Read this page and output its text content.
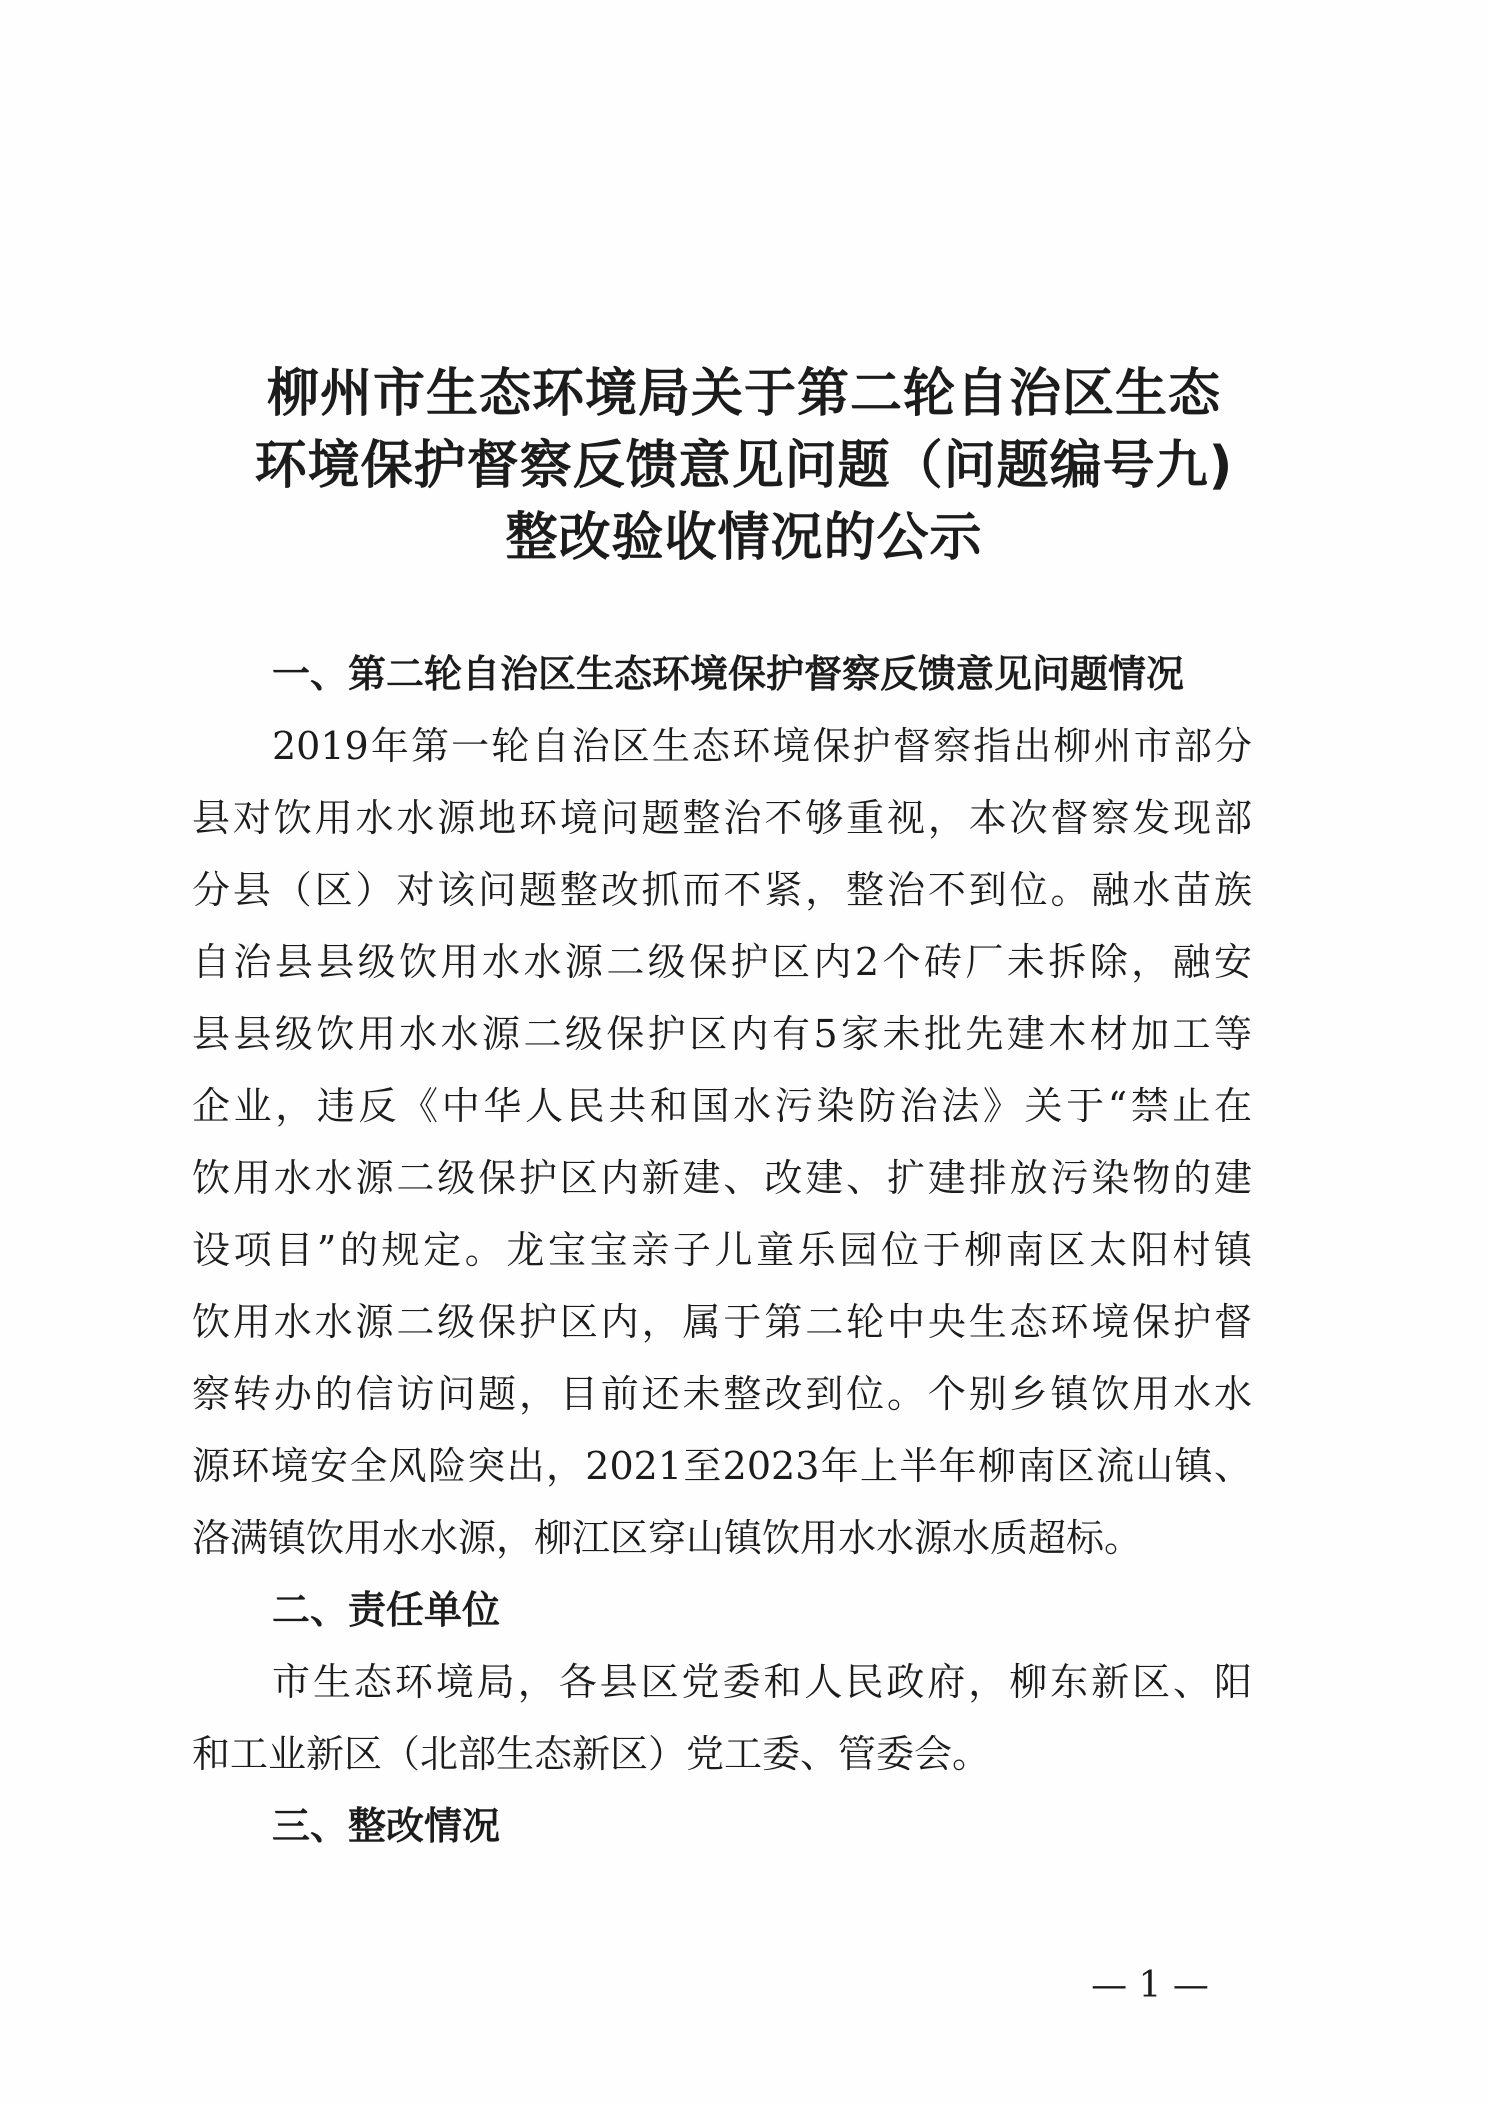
柳州市生态环境局关于第二轮自治区生态
环境保护督察反馈意见问题（问题编号九)
整改验收情况的公示
一、第二轮自治区生态环境保护督察反馈意见问题情况
2019年第一轮自治区生态环境保护督察指出柳州市部分
县对饮用水水源地环境问题整治不够重视，本次督察发现部
分县（区）对该问题整改抓而不紧，整治不到位。融水苗族
自治县县级饮用水水源二级保护区内2个砖厂未拆除，融安
县县级饮用水水源二级保护区内有5家未批先建木材加工等
企业，违反《中华人民共和国水污染防治法》关于“禁止在
饮用水水源二级保护区内新建、改建、扩建排放污染物的建
设项目”的规定。龙宝宝亲子儿童乐园位于柳南区太阳村镇
饮用水水源二级保护区内，属于第二轮中央生态环境保护督
察转办的信访问题，目前还未整改到位。个别乡镇饮用水水
源环境安全风险突出，2021至2023年上半年柳南区流山镇、
洛满镇饮用水水源，柳江区穿山镇饮用水水源水质超标。
二、责任单位
市生态环境局，各县区党委和人民政府，柳东新区、阳
和工业新区（北部生态新区）党工委、管委会。
三、整改情况
— 1 —
